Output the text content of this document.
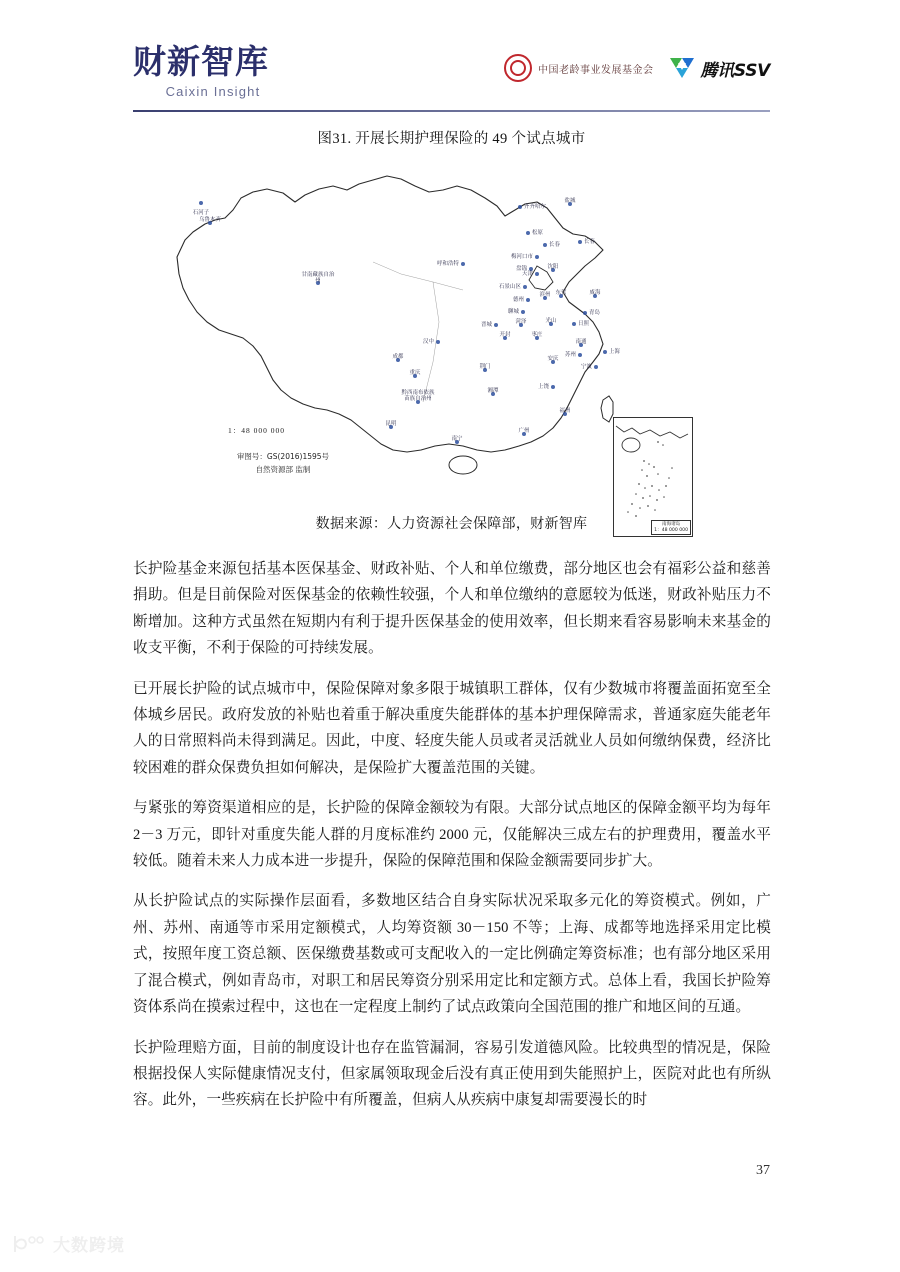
财新智库
Caixin Insight
中国老龄事业发展基金会	腾讯SSV
图31. 开展长期护理保险的 49 个试点城市
石河子
乌鲁木齐
甘南藏族自治州
齐齐哈尔
松原
长春
梅河口市
长春
盘锦	沈阳
呼和浩特
天津
石景山区
盐城
德州
聊城
滨州 东营	威海
青岛
晋城	菏泽
开封	枣庄
光山	日照
南通
苏州	上海
宁波
汉中
成都
重庆
荆门
安庆
上饶
湘潭
福州
黔西南布依族苗族自治州
昆明
南宁
广州
1：48 000 000
审图号：GS(2016)1595号
自然资源部 监制
南海诸岛
1：48 000 000
数据来源：人力资源社会保障部，财新智库

长护险基金来源包括基本医保基金、财政补贴、个人和单位缴费，部分地区也会有福彩公益和慈善捐助。但是目前保险对医保基金的依赖性较强，个人和单位缴纳的意愿较为低迷，财政补贴压力不断增加。这种方式虽然在短期内有利于提升医保基金的使用效率，但长期来看容易影响未来基金的收支平衡，不利于保险的可持续发展。

已开展长护险的试点城市中，保险保障对象多限于城镇职工群体，仅有少数城市将覆盖面拓宽至全体城乡居民。政府发放的补贴也着重于解决重度失能群体的基本护理保障需求，普通家庭失能老年人的日常照料尚未得到满足。因此，中度、轻度失能人员或者灵活就业人员如何缴纳保费，经济比较困难的群众保费负担如何解决，是保险扩大覆盖范围的关键。

与紧张的筹资渠道相应的是，长护险的保障金额较为有限。大部分试点地区的保障金额平均为每年 2－3 万元，即针对重度失能人群的月度标准约 2000 元，仅能解决三成左右的护理费用，覆盖水平较低。随着未来人力成本进一步提升，保险的保障范围和保险金额需要同步扩大。

从长护险试点的实际操作层面看，多数地区结合自身实际状况采取多元化的筹资模式。例如，广州、苏州、南通等市采用定额模式，人均筹资额 30－150 不等；上海、成都等地选择采用定比模式，按照年度工资总额、医保缴费基数或可支配收入的一定比例确定筹资标准；也有部分地区采用了混合模式，例如青岛市，对职工和居民筹资分别采用定比和定额方式。总体上看，我国长护险筹资体系尚在摸索过程中，这也在一定程度上制约了试点政策向全国范围的推广和地区间的互通。

长护险理赔方面，目前的制度设计也存在监管漏洞，容易引发道德风险。比较典型的情况是，保险根据投保人实际健康情况支付，但家属领取现金后没有真正使用到失能照护上，医院对此也有所纵容。此外，一些疾病在长护险中有所覆盖，但病人从疾病中康复却需要漫长的时

37
大数跨境
